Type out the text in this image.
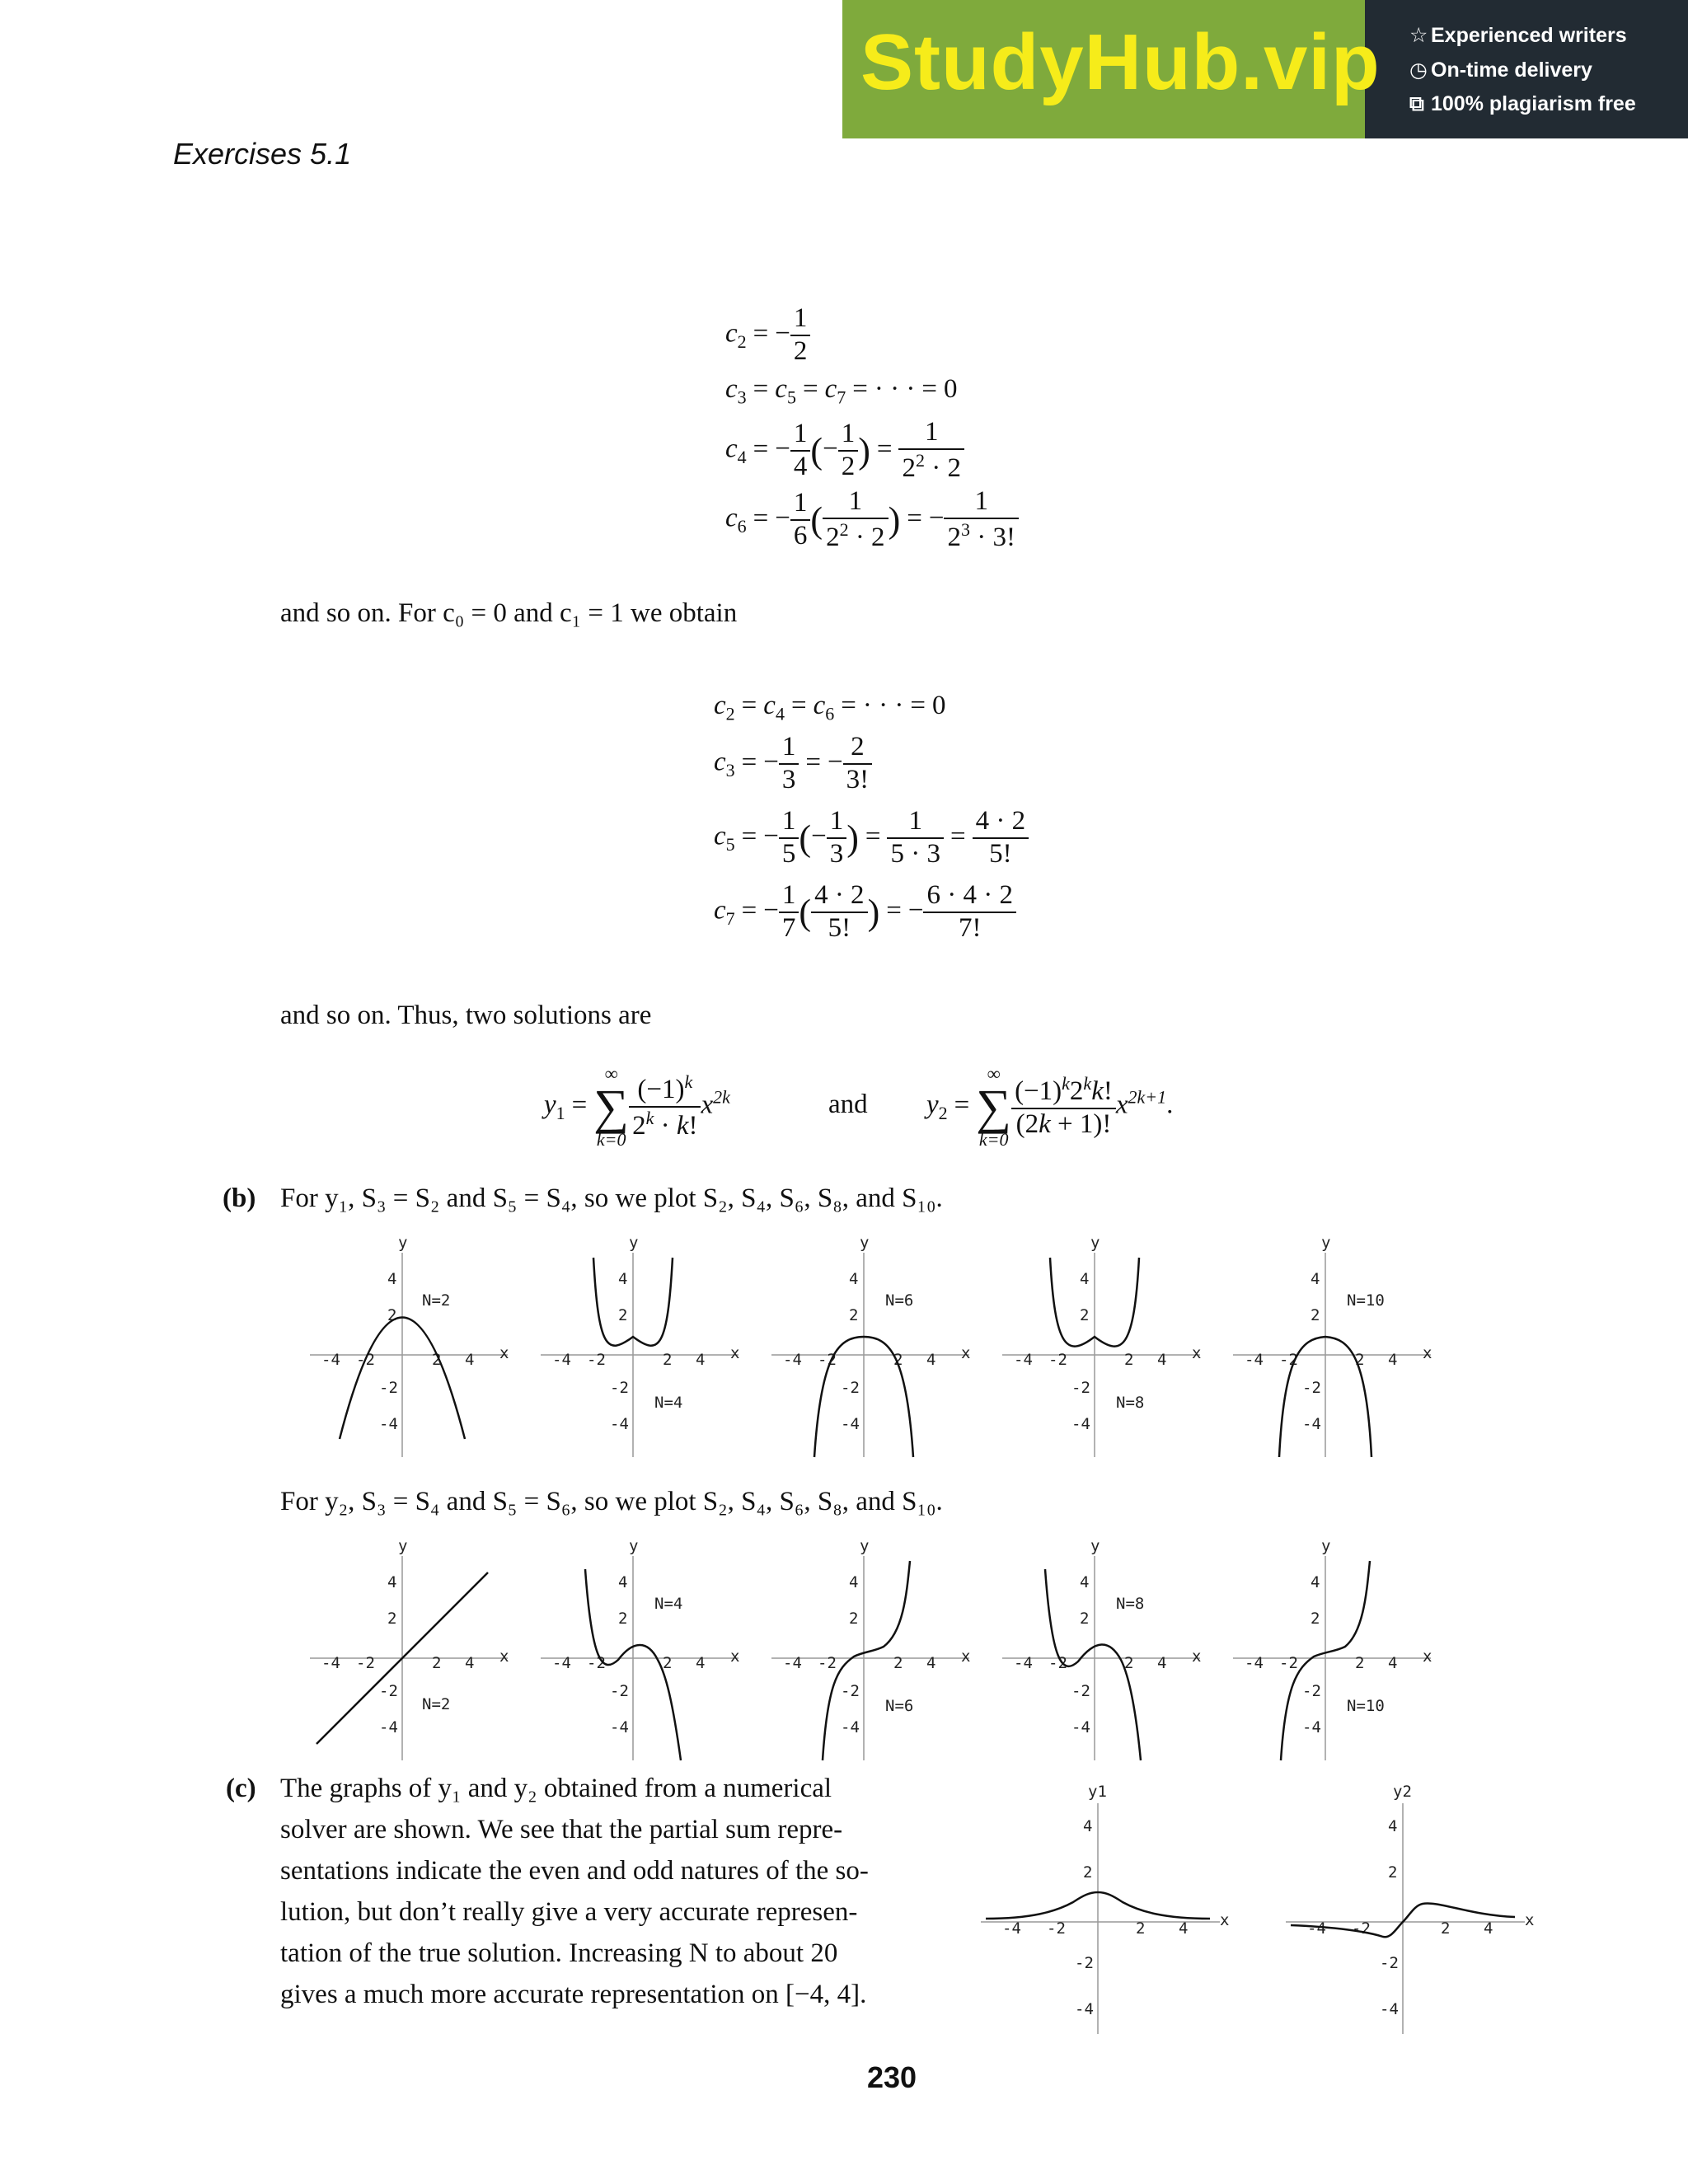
StudyHub.vip ☆ Experienced writers
◷ On-time delivery
⧉ 100% plagiarism free
Exercises 5.1
$c_2$ = − $\frac{1}{2}$
$c_3 = c_5 = c_7$ = · · · = 0
$c_4$ = − $\frac{1}{4}$ (− $\frac{1}{2}$ ) = $\frac{1}{2^2 \cdot 2}$
$c_6$ = − $\frac{1}{6}$ ( $\frac{1}{2^2 \cdot 2}$ ) = − $\frac{1}{2^3 \cdot 3!}$
and so on. For c₀ = 0 and c₁ = 1 we obtain
$c_2 = c_4 = c_6$ = · · · = 0
$c_3$ = − $\frac{1}{3}$ = − $\frac{2}{3!}$
$c_5$ = − $\frac{1}{5}$ (− $\frac{1}{3}$ ) = $\frac{1}{5 \cdot 3} = \frac{4 \cdot 2}{5!}$
$c_7$ = − $\frac{1}{7}$ ( $\frac{4 \cdot 2}{5!}$ ) = − $\frac{6 \cdot 4 \cdot 2}{7!}$
and so on. Thus, two solutions are
$y_1$ =
∞
∑
$k=0 \frac{(-1)^k}{2^k \cdot k!} x^{2k}$	and $y_2$ =
∞
∑
$k=0 \frac{(-1)^k2^kk!}{(2k + 1)!} x^{2k+1}$.
(b) For y₁, S₃ = S₂ and S₅ = S₄, so we plot S₂, S₄, S₆, S₈, and S₁₀.
y
x
4
2
-2
-4
-4 -2	2 4
N=2
y
x
4
2
-2
-4
-4 -2	2 4
N=4
y
x
4
2
-2
-4
-4 -2	2 4
N=6
y
x
4
2
-2
-4
-4 -2	2 4
N=8
y
x
4
2
-2
-4
-4 -2	2 4
N=10
For y₂, S₃ = S₄ and S₅ = S₆, so we plot S₂, S₄, S₆, S₈, and S₁₀.
y
x
4
2
-2
-4
-4 -2	2 4
N=2
y
x
4
2
-2
-4
-4 -2	2 4
N=4
y
x
4
2
-2
-4
-4 -2	2 4
N=6
y
x
4
2
-2
-4
-4 -2	2 4
N=8
y
x
4
2
-2
-4
-4 -2	2 4
N=10
(c) The graphs of y₁ and y₂ obtained from a numerical
solver are shown. We see that the partial sum repre-
sentations indicate the even and odd natures of the so-
lution, but don’t really give a very accurate represen-
tation of the true solution. Increasing N to about 20
gives a much more accurate representation on [−4, 4].
y1
x
4
2
-2
-4
-4 -2	2 4
y2
x
4
2
-2
-4
-4 -2	2 4
230
